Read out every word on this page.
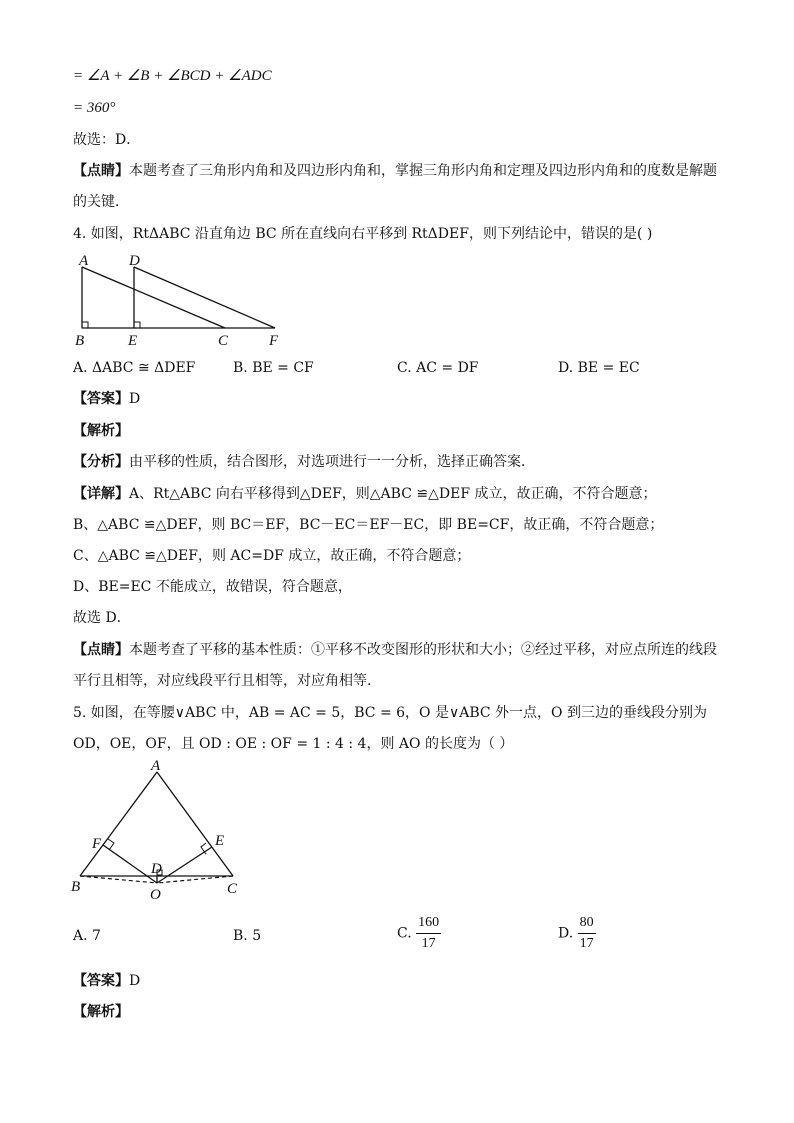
= ∠A + ∠B + ∠BCD + ∠ADC
= 360°
故选：D．
【点睛】本题考查了三角形内角和及四边形内角和，掌握三角形内角和定理及四边形内角和的度数是解题
的关键．
4. 如图，RtΔABC 沿直角边 BC 所在直线向右平移到 RtΔDEF，则下列结论中，错误的是( )
A	D
B	E	C	F
A. ΔABC ≅ ΔDEF	B. BE = CF	C. AC = DF	D. BE = EC
【答案】D
【解析】
【分析】由平移的性质，结合图形，对选项进行一一分析，选择正确答案．
【详解】A、Rt△ABC 向右平移得到△DEF，则△ABC ≌△DEF 成立，故正确，不符合题意；
B、△ABC ≌△DEF，则 BC＝EF，BC－EC＝EF－EC，即 BE=CF，故正确，不符合题意；
C、△ABC ≌△DEF，则 AC=DF 成立，故正确，不符合题意；
D、BE=EC 不能成立，故错误，符合题意，
故选 D．
【点睛】本题考查了平移的基本性质：①平移不改变图形的形状和大小；②经过平移，对应点所连的线段
平行且相等，对应线段平行且相等，对应角相等.
5. 如图，在等腰∨ABC 中，AB = AC = 5，BC = 6，O 是∨ABC 外一点，O 到三边的垂线段分别为
OD，OE，OF，且 OD : OE : OF = 1 : 4 : 4，则 AO 的长度为（ ）
A
F	E
D
B	C
O
A. 7	B. 5	C. $\frac{160}{17}$	D. $\frac{80}{17}$
【答案】D
【解析】
